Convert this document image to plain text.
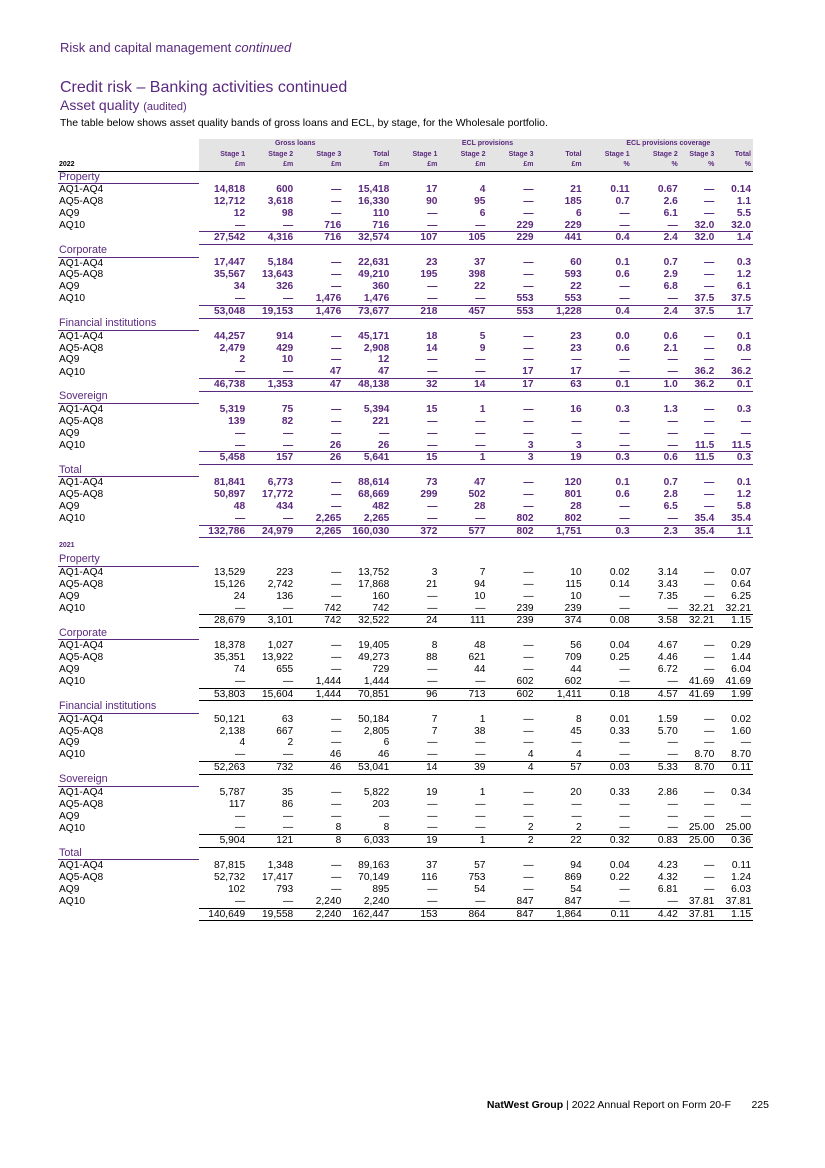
Risk and capital management continued
Credit risk – Banking activities continued
Asset quality (audited)
The table below shows asset quality bands of gross loans and ECL, by stage, for the Wholesale portfolio.
	Gross loans				ECL provisions				ECL provisions coverage			
	Stage 1	Stage 2	Stage 3	Total	Stage 1	Stage 2	Stage 3	Total	Stage 1	Stage 2	Stage 3	Total
2022	£m	£m	£m	£m	£m	£m	£m	£m	%	%	%	%
Property												
AQ1-AQ4	14,818	600	—	15,418	17	4	—	21	0.11	0.67	—	0.14
AQ5-AQ8	12,712	3,618	—	16,330	90	95	—	185	0.7	2.6	—	1.1
AQ9	12	98	—	110	—	6	—	6	—	6.1	—	5.5
AQ10	—	—	716	716	—	—	229	229	—	—	32.0	32.0
	27,542	4,316	716	32,574	107	105	229	441	0.4	2.4	32.0	1.4
Corporate												
AQ1-AQ4	17,447	5,184	—	22,631	23	37	—	60	0.1	0.7	—	0.3
AQ5-AQ8	35,567	13,643	—	49,210	195	398	—	593	0.6	2.9	—	1.2
AQ9	34	326	—	360	—	22	—	22	—	6.8	—	6.1
AQ10	—	—	1,476	1,476	—	—	553	553	—	—	37.5	37.5
	53,048	19,153	1,476	73,677	218	457	553	1,228	0.4	2.4	37.5	1.7
Financial institutions												
AQ1-AQ4	44,257	914	—	45,171	18	5	—	23	0.0	0.6	—	0.1
AQ5-AQ8	2,479	429	—	2,908	14	9	—	23	0.6	2.1	—	0.8
AQ9	2	10	—	12	—	—	—	—	—	—	—	—
AQ10	—	—	47	47	—	—	17	17	—	—	36.2	36.2
	46,738	1,353	47	48,138	32	14	17	63	0.1	1.0	36.2	0.1
Sovereign												
AQ1-AQ4	5,319	75	—	5,394	15	1	—	16	0.3	1.3	—	0.3
AQ5-AQ8	139	82	—	221	—	—	—	—	—	—	—	—
AQ9	—	—	—	—	—	—	—	—	—	—	—	—
AQ10	—	—	26	26	—	—	3	3	—	—	11.5	11.5
	5,458	157	26	5,641	15	1	3	19	0.3	0.6	11.5	0.3
Total												
AQ1-AQ4	81,841	6,773	—	88,614	73	47	—	120	0.1	0.7	—	0.1
AQ5-AQ8	50,897	17,772	—	68,669	299	502	—	801	0.6	2.8	—	1.2
AQ9	48	434	—	482	—	28	—	28	—	6.5	—	5.8
AQ10	—	—	2,265	2,265	—	—	802	802	—	—	35.4	35.4
	132,786	24,979	2,265	160,030	372	577	802	1,751	0.3	2.3	35.4	1.1
2021												
Property												
AQ1-AQ4	13,529	223	—	13,752	3	7	—	10	0.02	3.14	—	0.07
AQ5-AQ8	15,126	2,742	—	17,868	21	94	—	115	0.14	3.43	—	0.64
AQ9	24	136	—	160	—	10	—	10	—	7.35	—	6.25
AQ10	—	—	742	742	—	—	239	239	—	—	32.21	32.21
	28,679	3,101	742	32,522	24	111	239	374	0.08	3.58	32.21	1.15
Corporate												
AQ1-AQ4	18,378	1,027	—	19,405	8	48	—	56	0.04	4.67	—	0.29
AQ5-AQ8	35,351	13,922	—	49,273	88	621	—	709	0.25	4.46	—	1.44
AQ9	74	655	—	729	—	44	—	44	—	6.72	—	6.04
AQ10	—	—	1,444	1,444	—	—	602	602	—	—	41.69	41.69
	53,803	15,604	1,444	70,851	96	713	602	1,411	0.18	4.57	41.69	1.99
Financial institutions												
AQ1-AQ4	50,121	63	—	50,184	7	1	—	8	0.01	1.59	—	0.02
AQ5-AQ8	2,138	667	—	2,805	7	38	—	45	0.33	5.70	—	1.60
AQ9	4	2	—	6	—	—	—	—	—	—	—	—
AQ10	—	—	46	46	—	—	4	4	—	—	8.70	8.70
	52,263	732	46	53,041	14	39	4	57	0.03	5.33	8.70	0.11
Sovereign												
AQ1-AQ4	5,787	35	—	5,822	19	1	—	20	0.33	2.86	—	0.34
AQ5-AQ8	117	86	—	203	—	—	—	—	—	—	—	—
AQ9	—	—	—	—	—	—	—	—	—	—	—	—
AQ10	—	—	8	8	—	—	2	2	—	—	25.00	25.00
	5,904	121	8	6,033	19	1	2	22	0.32	0.83	25.00	0.36
Total												
AQ1-AQ4	87,815	1,348	—	89,163	37	57	—	94	0.04	4.23	—	0.11
AQ5-AQ8	52,732	17,417	—	70,149	116	753	—	869	0.22	4.32	—	1.24
AQ9	102	793	—	895	—	54	—	54	—	6.81	—	6.03
AQ10	—	—	2,240	2,240	—	—	847	847	—	—	37.81	37.81
	140,649	19,558	2,240	162,447	153	864	847	1,864	0.11	4.42	37.81	1.15
NatWest Group | 2022 Annual Report on Form 20-F 225
